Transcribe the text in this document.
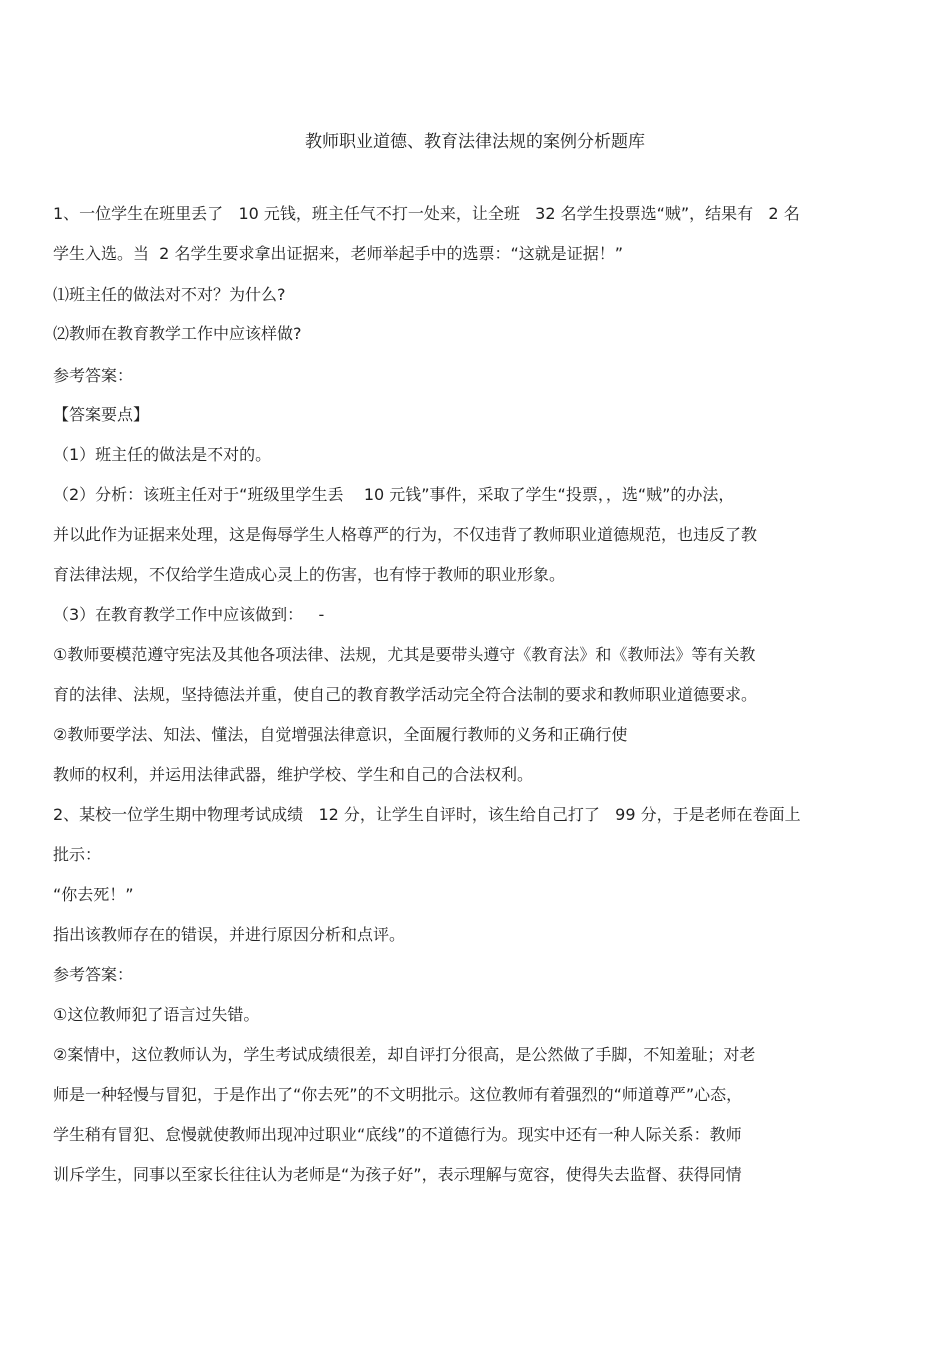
教师职业道德、教育法律法规的案例分析题库
1、一位学生在班里丢了   10 元钱，班主任气不打一处来，让全班   32 名学生投票选“贼”，结果有   2 名
学生入选。当  2 名学生要求拿出证据来，老师举起手中的选票：“这就是证据！”
⑴班主任的做法对不对？为什么?
⑵教师在教育教学工作中应该样做?
参考答案：
【答案要点】
（1）班主任的做法是不对的。
（2）分析：该班主任对于“班级里学生丢    10 元钱”事件，采取了学生“投票，，选“贼”的办法，
并以此作为证据来处理，这是侮辱学生人格尊严的行为，不仅违背了教师职业道德规范，也违反了教
育法律法规，不仅给学生造成心灵上的伤害，也有悖于教师的职业形象。
（3）在教育教学工作中应该做到：   -
①教师要模范遵守宪法及其他各项法律、法规，尤其是要带头遵守《教育法》和《教师法》等有关教
育的法律、法规，坚持德法并重，使自己的教育教学活动完全符合法制的要求和教师职业道德要求。
②教师要学法、知法、懂法，自觉增强法律意识，全面履行教师的义务和正确行使
教师的权利，并运用法律武器，维护学校、学生和自己的合法权利。
2、某校一位学生期中物理考试成绩   12 分，让学生自评时，该生给自己打了   99 分，于是老师在卷面上
批示：
“你去死！”
指出该教师存在的错误，并进行原因分析和点评。
参考答案：
①这位教师犯了语言过失错。
②案情中，这位教师认为，学生考试成绩很差，却自评打分很高，是公然做了手脚，不知羞耻；对老
师是一种轻慢与冒犯，于是作出了“你去死”的不文明批示。这位教师有着强烈的“师道尊严”心态，
学生稍有冒犯、怠慢就使教师出现冲过职业“底线”的不道德行为。现实中还有一种人际关系：教师
训斥学生，同事以至家长往往认为老师是“为孩子好”，表示理解与宽容，使得失去监督、获得同情
